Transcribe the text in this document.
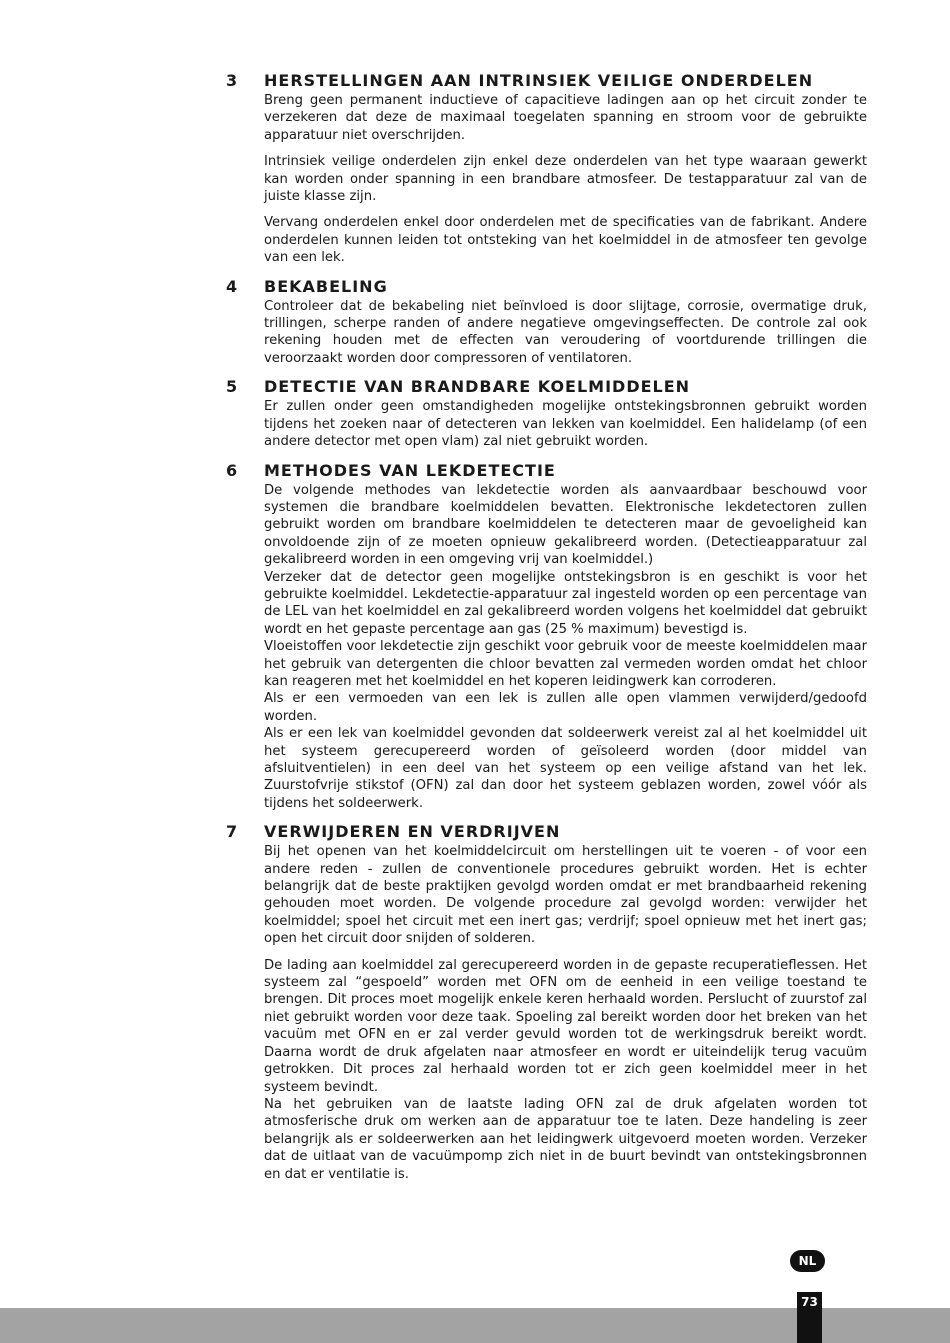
3 HERSTELLINGEN AAN INTRINSIEK VEILIGE ONDERDELEN

Breng geen permanent inductieve of capacitieve ladingen aan op het circuit zonder te verzekeren dat deze de maximaal toegelaten spanning en stroom voor de gebruikte apparatuur niet overschrijden.

Intrinsiek veilige onderdelen zijn enkel deze onderdelen van het type waaraan gewerkt kan worden onder spanning in een brandbare atmosfeer. De testapparatuur zal van de juiste klasse zijn.

Vervang onderdelen enkel door onderdelen met de specificaties van de fabrikant. Andere onderdelen kunnen leiden tot ontsteking van het koelmiddel in de atmosfeer ten gevolge van een lek.

4 BEKABELING

Controleer dat de bekabeling niet beïnvloed is door slijtage, corrosie, overmatige druk, trillingen, scherpe randen of andere negatieve omgevingseffecten. De controle zal ook rekening houden met de effecten van veroudering of voortdurende trillingen die veroorzaakt worden door compressoren of ventilatoren.

5 DETECTIE VAN BRANDBARE KOELMIDDELEN

Er zullen onder geen omstandigheden mogelijke ontstekingsbronnen gebruikt worden tijdens het zoeken naar of detecteren van lekken van koelmiddel. Een halidelamp (of een andere detector met open vlam) zal niet gebruikt worden.

6 METHODES VAN LEKDETECTIE

De volgende methodes van lekdetectie worden als aanvaardbaar beschouwd voor systemen die brandbare koelmiddelen bevatten. Elektronische lekdetectoren zullen gebruikt worden om brandbare koelmiddelen te detecteren maar de gevoeligheid kan onvoldoende zijn of ze moeten opnieuw gekalibreerd worden. (Detectieapparatuur zal gekalibreerd worden in een omgeving vrij van koelmiddel.)

Verzeker dat de detector geen mogelijke ontstekingsbron is en geschikt is voor het gebruikte koelmiddel. Lekdetectie-apparatuur zal ingesteld worden op een percentage van de LEL van het koelmiddel en zal gekalibreerd worden volgens het koelmiddel dat gebruikt wordt en het gepaste percentage aan gas (25 % maximum) bevestigd is.

Vloeistoffen voor lekdetectie zijn geschikt voor gebruik voor de meeste koelmiddelen maar het gebruik van detergenten die chloor bevatten zal vermeden worden omdat het chloor kan reageren met het koelmiddel en het koperen leidingwerk kan corroderen.

Als er een vermoeden van een lek is zullen alle open vlammen verwijderd/gedoofd worden.

Als er een lek van koelmiddel gevonden dat soldeerwerk vereist zal al het koelmiddel uit het systeem gerecupereerd worden of geïsoleerd worden (door middel van afsluitventielen) in een deel van het systeem op een veilige afstand van het lek. Zuurstofvrije stikstof (OFN) zal dan door het systeem geblazen worden, zowel vóór als tijdens het soldeerwerk.

7 VERWIJDEREN EN VERDRIJVEN

Bij het openen van het koelmiddelcircuit om herstellingen uit te voeren - of voor een andere reden - zullen de conventionele procedures gebruikt worden. Het is echter belangrijk dat de beste praktijken gevolgd worden omdat er met brandbaarheid rekening gehouden moet worden. De volgende procedure zal gevolgd worden: verwijder het koelmiddel; spoel het circuit met een inert gas; verdrijf; spoel opnieuw met het inert gas; open het circuit door snijden of solderen.

De lading aan koelmiddel zal gerecupereerd worden in de gepaste recuperatieflessen. Het systeem zal “gespoeld” worden met OFN om de eenheid in een veilige toestand te brengen. Dit proces moet mogelijk enkele keren herhaald worden. Perslucht of zuurstof zal niet gebruikt worden voor deze taak. Spoeling zal bereikt worden door het breken van het vacuüm met OFN en er zal verder gevuld worden tot de werkingsdruk bereikt wordt. Daarna wordt de druk afgelaten naar atmosfeer en wordt er uiteindelijk terug vacuüm getrokken. Dit proces zal herhaald worden tot er zich geen koelmiddel meer in het systeem bevindt.

Na het gebruiken van de laatste lading OFN zal de druk afgelaten worden tot atmosferische druk om werken aan de apparatuur toe te laten. Deze handeling is zeer belangrijk als er soldeerwerken aan het leidingwerk uitgevoerd moeten worden. Verzeker dat de uitlaat van de vacuümpomp zich niet in de buurt bevindt van ontstekingsbronnen en dat er ventilatie is.

NL
73
